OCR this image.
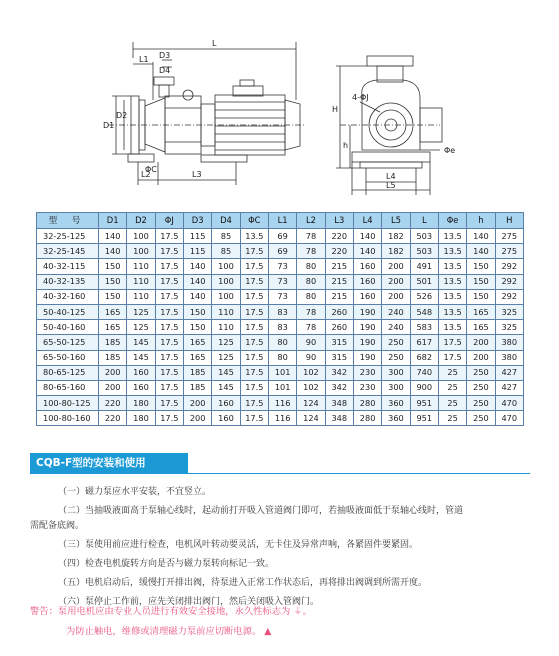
L
L1 D3
D4
D1
D2
L2	L3
ΦC
H
h
4-ΦJ
Φe
L4
L5
型 号	D1	D2	ΦJ	D3	D4	ΦC	L1	L2	L3	L4	L5	L	Φe	h	H
32-25-125	140	100	17.5	115	85	13.5	69	78	220	140	182	503	13.5	140	275
32-25-145	140	100	17.5	115	85	17.5	69	78	220	140	182	503	13.5	140	275
40-32-115	150	110	17.5	140	100	17.5	73	80	215	160	200	491	13.5	150	292
40-32-135	150	110	17.5	140	100	17.5	73	80	215	160	200	501	13.5	150	292
40-32-160	150	110	17.5	140	100	17.5	73	80	215	160	200	526	13.5	150	292
50-40-125	165	125	17.5	150	110	17.5	83	78	260	190	240	548	13.5	165	325
50-40-160	165	125	17.5	150	110	17.5	83	78	260	190	240	583	13.5	165	325
65-50-125	185	145	17.5	165	125	17.5	80	90	315	190	250	617	17.5	200	380
65-50-160	185	145	17.5	165	125	17.5	80	90	315	190	250	682	17.5	200	380
80-65-125	200	160	17.5	185	145	17.5	101	102	342	230	300	740	25	250	427
80-65-160	200	160	17.5	185	145	17.5	101	102	342	230	300	900	25	250	427
100-80-125	220	180	17.5	200	160	17.5	116	124	348	280	360	951	25	250	470
100-80-160	220	180	17.5	200	160	17.5	116	124	348	280	360	951	25	250	470
CQB-F型的安装和使用

（一）磁力泵应水平安装，不宜竖立。

（二）当抽吸液面高于泵轴心线时，起动前打开吸入管道阀门即可，若抽吸液面低于泵轴心线时，管道
需配备底阀。

（三）泵使用前应进行检查，电机风叶转动要灵活，无卡住及异常声响，各紧固件要紧固。

（四）检查电机旋转方向是否与磁力泵转向标记一致。

（五）电机启动后，缓慢打开排出阀，待泵进入正常工作状态后，再将排出阀调到所需开度。

（六）泵停止工作前，应先关闭排出阀门，然后关闭吸入管阀门。

警告：泵用电机应由专业人员进行有效安全接地，永久性标志为 ⏚。

为防止触电，维修或清理磁力泵前应切断电源。 ▲
